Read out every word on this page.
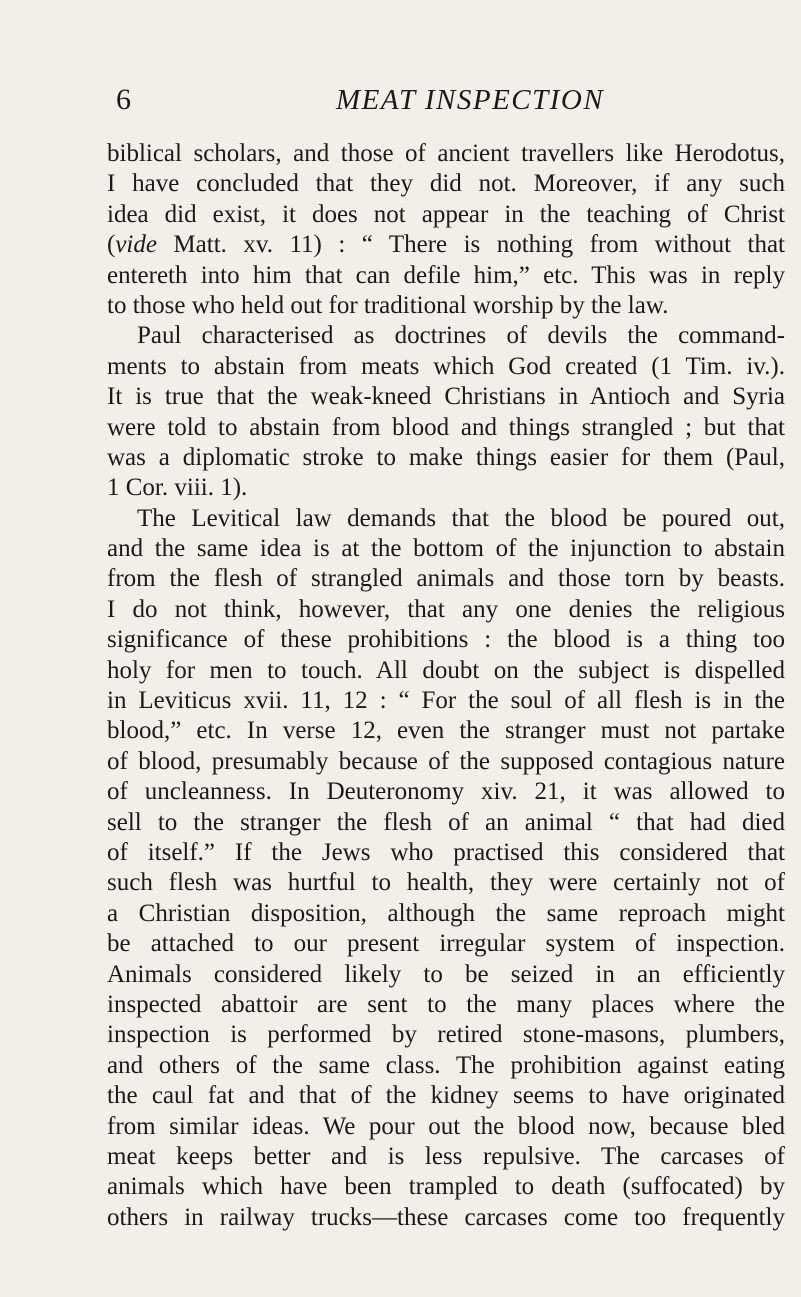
6	MEAT INSPECTION
biblical scholars, and those of ancient travellers like Herodotus,
I have concluded that they did not. Moreover, if any such
idea did exist, it does not appear in the teaching of Christ
(vide Matt. xv. 11) : “ There is nothing from without that
entereth into him that can defile him,” etc. This was in reply
to those who held out for traditional worship by the law.
Paul characterised as doctrines of devils the command-
ments to abstain from meats which God created (1 Tim. iv.).
It is true that the weak-kneed Christians in Antioch and Syria
were told to abstain from blood and things strangled ; but that
was a diplomatic stroke to make things easier for them (Paul,
1 Cor. viii. 1).
The Levitical law demands that the blood be poured out,
and the same idea is at the bottom of the injunction to abstain
from the flesh of strangled animals and those torn by beasts.
I do not think, however, that any one denies the religious
significance of these prohibitions : the blood is a thing too
holy for men to touch. All doubt on the subject is dispelled
in Leviticus xvii. 11, 12 : “ For the soul of all flesh is in the
blood,” etc. In verse 12, even the stranger must not partake
of blood, presumably because of the supposed contagious nature
of uncleanness. In Deuteronomy xiv. 21, it was allowed to
sell to the stranger the flesh of an animal “ that had died
of itself.” If the Jews who practised this considered that
such flesh was hurtful to health, they were certainly not of
a Christian disposition, although the same reproach might
be attached to our present irregular system of inspection.
Animals considered likely to be seized in an efficiently
inspected abattoir are sent to the many places where the
inspection is performed by retired stone-masons, plumbers,
and others of the same class. The prohibition against eating
the caul fat and that of the kidney seems to have originated
from similar ideas. We pour out the blood now, because bled
meat keeps better and is less repulsive. The carcases of
animals which have been trampled to death (suffocated) by
others in railway trucks—these carcases come too frequently
